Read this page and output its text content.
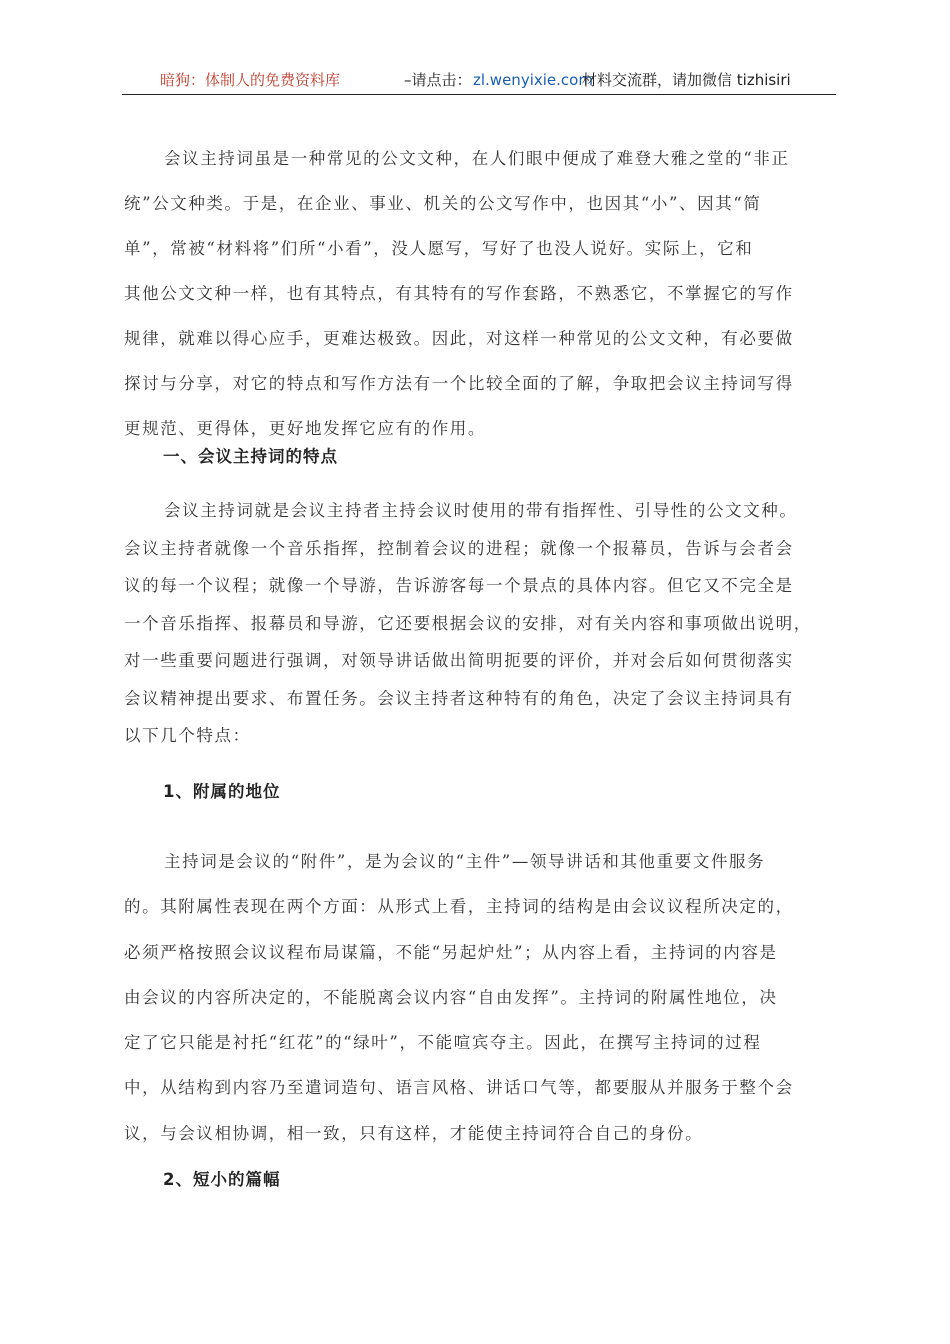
暗狗：体制人的免费资料库	–请点击： zl.wenyixie.com
材料交流群，请加微信 tizhisiri
会议主持词虽是一种常见的公文文种，在人们眼中便成了难登大雅之堂的“非正
统”公文种类。于是，在企业、事业、机关的公文写作中，也因其“小”、因其“简
单”，常被“材料将”们所“小看”，没人愿写，写好了也没人说好。实际上，它和
其他公文文种一样，也有其特点，有其特有的写作套路，不熟悉它，不掌握它的写作
规律，就难以得心应手，更难达极致。因此，对这样一种常见的公文文种，有必要做
探讨与分享，对它的特点和写作方法有一个比较全面的了解，争取把会议主持词写得
更规范、更得体，更好地发挥它应有的作用。
一、会议主持词的特点
会议主持词就是会议主持者主持会议时使用的带有指挥性、引导性的公文文种。
会议主持者就像一个音乐指挥，控制着会议的进程；就像一个报幕员，告诉与会者会
议的每一个议程；就像一个导游，告诉游客每一个景点的具体内容。但它又不完全是
一个音乐指挥、报幕员和导游，它还要根据会议的安排，对有关内容和事项做出说明，
对一些重要问题进行强调，对领导讲话做出简明扼要的评价，并对会后如何贯彻落实
会议精神提出要求、布置任务。会议主持者这种特有的角色，决定了会议主持词具有
以下几个特点：
1、附属的地位
主持词是会议的“附件”，是为会议的“主件”—领导讲话和其他重要文件服务
的。其附属性表现在两个方面：从形式上看，主持词的结构是由会议议程所决定的，
必须严格按照会议议程布局谋篇，不能“另起炉灶”；从内容上看，主持词的内容是
由会议的内容所决定的，不能脱离会议内容“自由发挥”。主持词的附属性地位，决
定了它只能是衬托“红花”的“绿叶”，不能喧宾夺主。因此，在撰写主持词的过程
中，从结构到内容乃至遣词造句、语言风格、讲话口气等，都要服从并服务于整个会
议，与会议相协调，相一致，只有这样，才能使主持词符合自己的身份。
2、短小的篇幅
